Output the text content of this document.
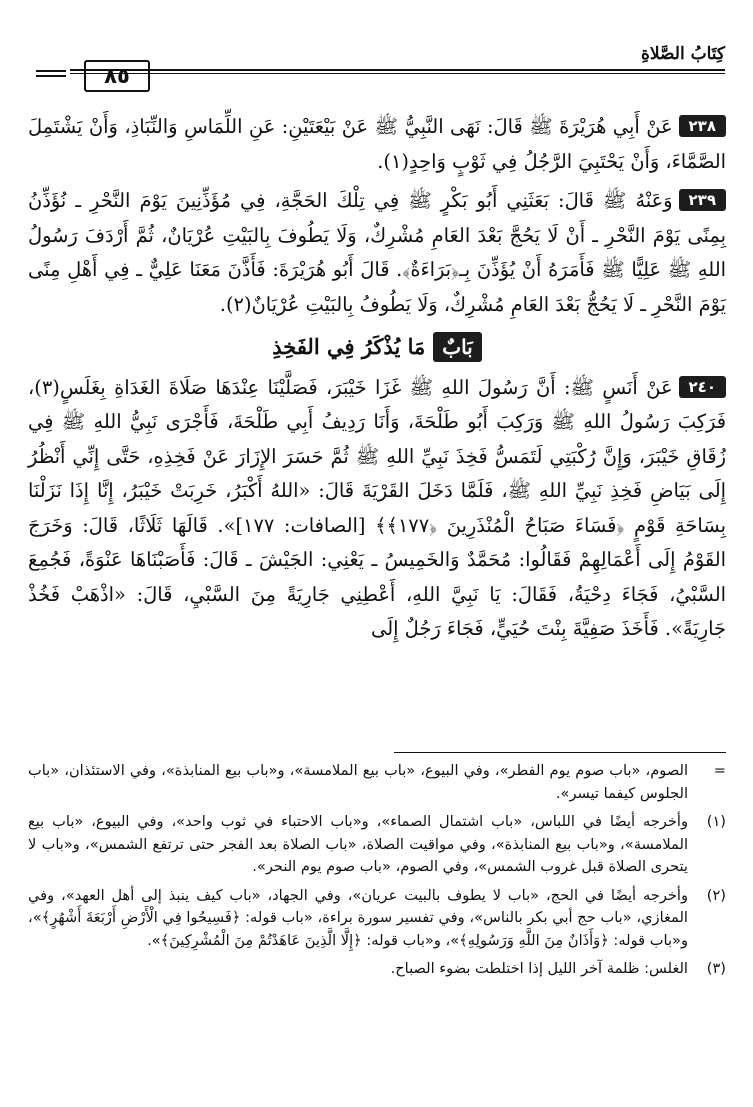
كِتَابُ الصَّلاةِ
٨٥

٢٣٨عَنْ أَبِي هُرَيْرَةَ ﷺ قَالَ: نَهَى النَّبِيُّ ﷺ عَنْ بَيْعَتَيْنِ: عَنِ اللِّمَاسِ وَالنِّبَاذِ، وَأَنْ يَشْتَمِلَ الصَّمَّاءَ، وَأَنْ يَحْتَبِيَ الرَّجُلُ فِي ثَوْبٍ وَاحِدٍ(١).

٢٣٩وَعَنْهُ ﷺ قَالَ: بَعَثَنِي أَبُو بَكْرٍ ﷺ فِي تِلْكَ الحَجَّةِ، فِي مُؤَذِّنِينَ يَوْمَ النَّحْرِ ـ نُؤَذِّنُ بِمِنًى يَوْمَ النَّحْرِ ـ أَنْ لَا يَحُجَّ بَعْدَ العَامِ مُشْرِكٌ، وَلَا يَطُوفَ بِالبَيْتِ عُرْيَانٌ، ثُمَّ أَرْدَفَ رَسُولُ اللهِ ﷺ عَلِيًّا ﷺ فَأَمَرَهُ أَنْ يُؤَذِّنَ بِـ﴿بَرَاءَةٌ﴾. قَالَ أَبُو هُرَيْرَةَ: فَأَذَّنَ مَعَنَا عَلِيٌّ ـ فِي أَهْلِ مِنًى يَوْمَ النَّحْرِ ـ لَا يَحُجُّ بَعْدَ العَامِ مُشْرِكٌ، وَلَا يَطُوفُ بِالبَيْتِ عُرْيَانٌ(٢).

بَابٌمَا يُذْكَرُ فِي الفَخِذِ

٢٤٠عَنْ أَنَسٍ ﷺ: أَنَّ رَسُولَ اللهِ ﷺ غَزَا خَيْبَرَ، فَصَلَّيْنَا عِنْدَهَا صَلَاةَ الغَدَاةِ بِغَلَسٍ(٣)، فَرَكِبَ رَسُولُ اللهِ ﷺ وَرَكِبَ أَبُو طَلْحَةَ، وَأَنَا رَدِيفُ أَبِي طَلْحَةَ، فَأَجْرَى نَبِيُّ اللهِ ﷺ فِي زُقَاقِ خَيْبَرَ، وَإِنَّ رُكْبَتِي لَتَمَسُّ فَخِذَ نَبِيِّ اللهِ ﷺ ثُمَّ حَسَرَ الإِزَارَ عَنْ فَخِذِهِ، حَتَّى إِنِّي أَنْظُرُ إِلَى بَيَاضِ فَخِذِ نَبِيِّ اللهِ ﷺ، فَلَمَّا دَخَلَ القَرْيَةَ قَالَ: «اللهُ أَكْبَرُ، خَرِبَتْ خَيْبَرُ، إِنَّا إِذَا نَزَلْنَا بِسَاحَةِ قَوْمٍ ﴿فَسَاءَ صَبَاحُ الْمُنْذَرِينَ ﴿١٧٧﴾﴾ [الصافات: ١٧٧]». قَالَهَا ثَلَاثًا، قَالَ: وَخَرَجَ القَوْمُ إِلَى أَعْمَالِهِمْ فَقَالُوا: مُحَمَّدٌ وَالخَمِيسُ ـ يَعْنِي: الجَيْشَ ـ قَالَ: فَأَصَبْنَاهَا عَنْوَةً، فَجُمِعَ السَّبْيُ، فَجَاءَ دِحْيَةُ، فَقَالَ: يَا نَبِيَّ اللهِ، أَعْطِنِي جَارِيَةً مِنَ السَّبْيِ، قَالَ: «اذْهَبْ فَخُذْ جَارِيَةً». فَأَخَذَ صَفِيَّةَ بِنْتَ حُيَيٍّ، فَجَاءَ رَجُلٌ إِلَى

=
الصوم، «باب صوم يوم الفطر»، وفي البيوع، «باب بيع الملامسة»، و«باب بيع المنابذة»، وفي الاستئذان، «باب الجلوس كيفما تيسر».
(١)
وأخرجه أيضًا في اللباس، «باب اشتمال الصماء»، و«باب الاحتباء في ثوب واحد»، وفي البيوع، «باب بيع الملامسة»، و«باب بيع المنابذة»، وفي مواقيت الصلاة، «باب الصلاة بعد الفجر حتى ترتفع الشمس»، و«باب لا يتحرى الصلاة قبل غروب الشمس»، وفي الصوم، «باب صوم يوم النحر».
(٢)
وأخرجه أيضًا في الحج، «باب لا يطوف بالبيت عريان»، وفي الجهاد، «باب كيف ينبذ إلى أهل العهد»، وفي المغازي، «باب حج أبي بكر بالناس»، وفي تفسير سورة براءة، «باب قوله: ﴿فَسِيحُوا فِي الْأَرْضِ أَرْبَعَةَ أَشْهُرٍ﴾»، و«باب قوله: ﴿وَأَذَانٌ مِنَ اللَّهِ وَرَسُولِهِ﴾»، و«باب قوله: ﴿إِلَّا الَّذِينَ عَاهَدْتُمْ مِنَ الْمُشْرِكِينَ﴾».
(٣)
الغلس: ظلمة آخر الليل إذا اختلطت بضوء الصباح.
